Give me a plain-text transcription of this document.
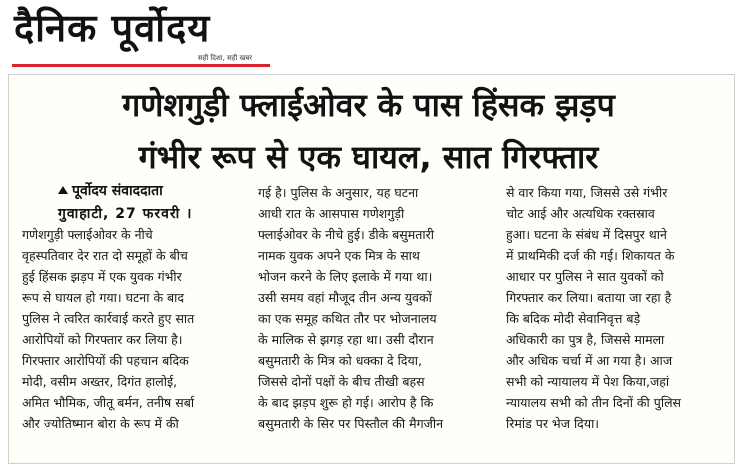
दैनिक पूर्वोदय
सही दिशा, सही खबर
गणेशगुड़ी फ्लाईओवर के पास हिंसक झड़प
गंभीर रूप से एक घायल, सात गिरफ्तार
पूर्वोदय संवाददाता
गुवाहाटी, 27 फरवरी ।
गणेशगुड़ी फ्लाईओवर के नीचे
वृहस्पतिवार देर रात दो समूहों के बीच
हुई हिंसक झड़प में एक युवक गंभीर
रूप से घायल हो गया। घटना के बाद
पुलिस ने त्वरित कार्रवाई करते हुए सात
आरोपियों को गिरफ्तार कर लिया है।
गिरफ्तार आरोपियों की पहचान बदिक
मोदी, वसीम अख्तर, दिगंत हालोई,
अमित भौमिक, जीतू बर्मन, तनीष सर्बा
और ज्योतिष्मान बोरा के रूप में की
गई है। पुलिस के अनुसार, यह घटना
आधी रात के आसपास गणेशगुड़ी
फ्लाईओवर के नीचे हुई। डीके बसुमतारी
नामक युवक अपने एक मित्र के साथ
भोजन करने के लिए इलाके में गया था।
उसी समय वहां मौजूद तीन अन्य युवकों
का एक समूह कथित तौर पर भोजनालय
के मालिक से झगड़ रहा था। उसी दौरान
बसुमतारी के मित्र को धक्का दे दिया,
जिससे दोनों पक्षों के बीच तीखी बहस
के बाद झड़प शुरू हो गई। आरोप है कि
बसुमतारी के सिर पर पिस्तौल की मैगजीन
से वार किया गया, जिससे उसे गंभीर
चोट आई और अत्यधिक रक्तस्राव
हुआ। घटना के संबंध में दिसपुर थाने
में प्राथमिकी दर्ज की गई। शिकायत के
आधार पर पुलिस ने सात युवकों को
गिरफ्तार कर लिया। बताया जा रहा है
कि बदिक मोदी सेवानिवृत्त बड़े
अधिकारी का पुत्र है, जिससे मामला
और अधिक चर्चा में आ गया है। आज
सभी को न्यायालय में पेश किया,जहां
न्यायालय सभी को तीन दिनों की पुलिस
रिमांड पर भेज दिया।
